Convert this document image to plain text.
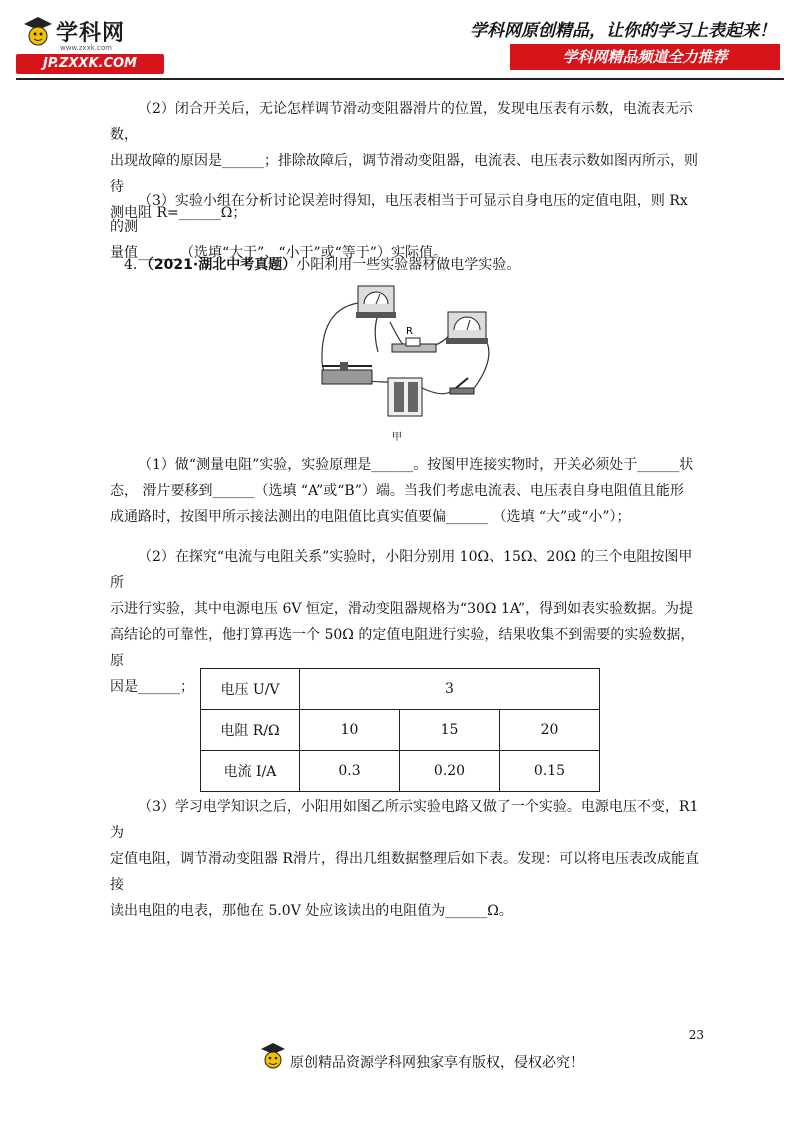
学科网
www.zxxk.com
JP.ZXXK.COM
学科网原创精品，让你的学习上表起来！
学科网精品频道全力推荐
（2）闭合开关后，无论怎样调节滑动变阻器滑片的位置，发现电压表有示数，电流表无示数，
出现故障的原因是______；排除故障后，调节滑动变阻器，电流表、电压表示数如图丙所示，则待
测电阻 R=______Ω；
（3）实验小组在分析讨论误差时得知，电压表相当于可显示自身电压的定值电阻，则 Rx的测
量值______（选填“大于”、“小于”或“等于”）实际值。
4．（2021·湖北中考真题）小阳利用一些实验器材做电学实验。
R
甲
（1）做“测量电阻”实验，实验原理是______。按图甲连接实物时，开关必须处于______状
态， 滑片要移到______（选填 “A”或“B”）端。当我们考虑电流表、电压表自身电阻值且能形
成通路时，按图甲所示接法测出的电阻值比真实值要偏______ （选填 “大”或“小”）；
（2）在探究“电流与电阻关系”实验时，小阳分别用 10Ω、15Ω、20Ω 的三个电阻按图甲所
示进行实验，其中电源电压 6V 恒定，滑动变阻器规格为“30Ω 1A”，得到如表实验数据。为提
高结论的可靠性，他打算再选一个 50Ω 的定值电阻进行实验，结果收集不到需要的实验数据，原
因是______；	电压 U/V	3		
电阻 R/Ω	10	15	20
电流 I/A	0.3	0.20	0.15
（3）学习电学知识之后，小阳用如图乙所示实验电路又做了一个实验。电源电压不变，R1为
定值电阻，调节滑动变阻器 R滑片，得出几组数据整理后如下表。发现：可以将电压表改成能直接
读出电阻的电表，那他在 5.0V 处应该读出的电阻值为______Ω。
23
原创精品资源学科网独家享有版权，侵权必究！
